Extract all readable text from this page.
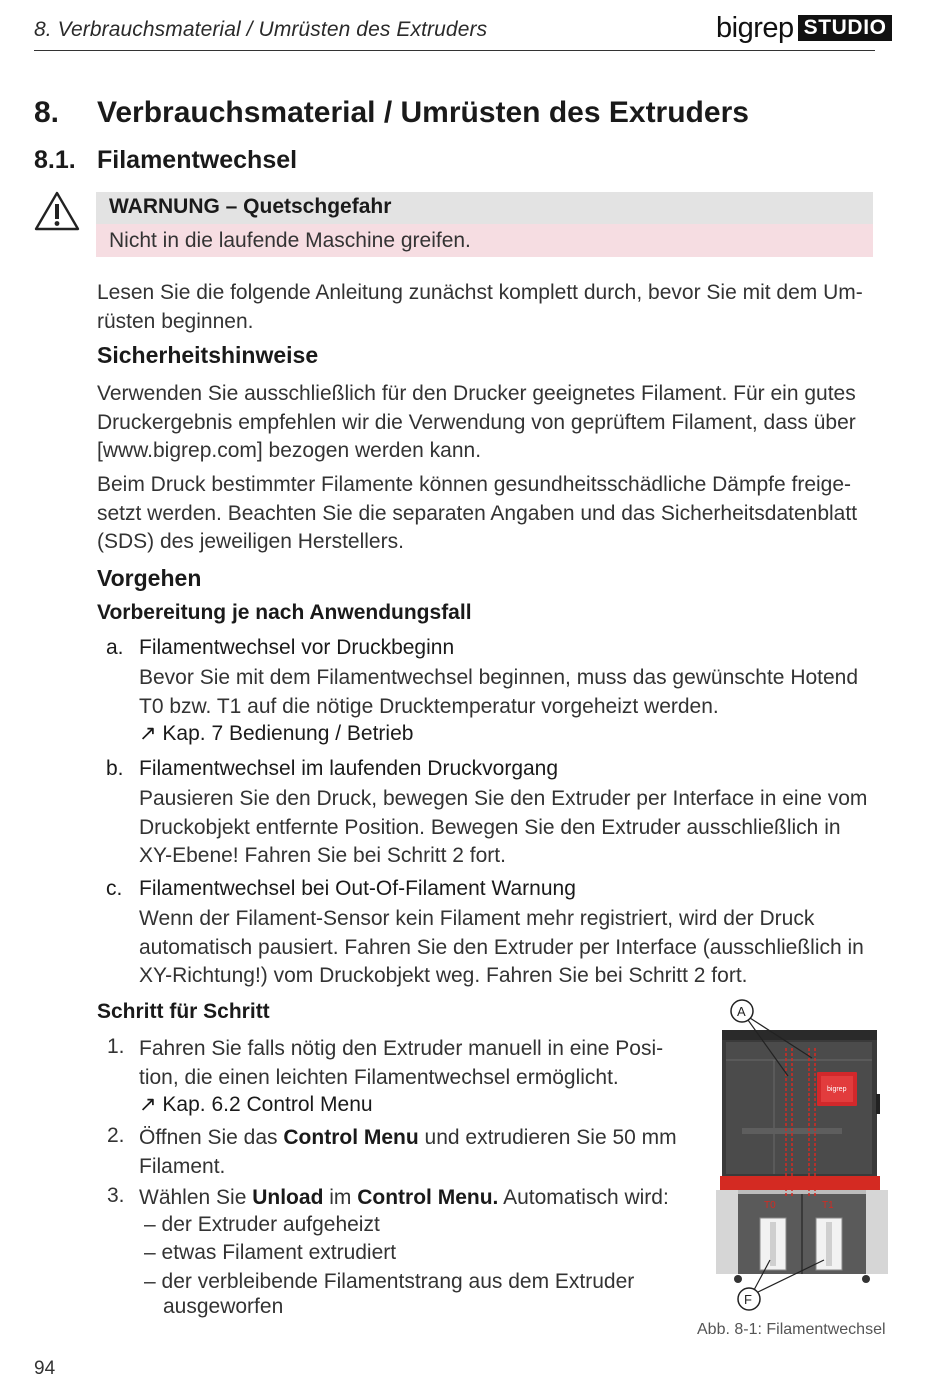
8. Verbrauchsmaterial / Umrüsten des Extruders	bigrep STUDIO
8. Verbrauchsmaterial / Umrüsten des Extruders
8.1. Filamentwechsel
WARNUNG – Quetschgefahr
Nicht in die laufende Maschine greifen.
Lesen Sie die folgende Anleitung zunächst komplett durch, bevor Sie mit dem Um-
rüsten beginnen.
Sicherheitshinweise
Verwenden Sie ausschließlich für den Drucker geeignetes Filament. Für ein gutes
Druckergebnis empfehlen wir die Verwendung von geprüftem Filament, dass über
[www.bigrep.com] bezogen werden kann.
Beim Druck bestimmter Filamente können gesundheitsschädliche Dämpfe freige-
setzt werden. Beachten Sie die separaten Angaben und das Sicherheitsdatenblatt
(SDS) des jeweiligen Herstellers.
Vorgehen
Vorbereitung je nach Anwendungsfall
a. Filamentwechsel vor Druckbeginn
Bevor Sie mit dem Filamentwechsel beginnen, muss das gewünschte Hotend
T0 bzw. T1 auf die nötige Drucktemperatur vorgeheizt werden.
↗ Kap. 7 Bedienung / Betrieb
b. Filamentwechsel im laufenden Druckvorgang
Pausieren Sie den Druck, bewegen Sie den Extruder per Interface in eine vom
Druckobjekt entfernte Position. Bewegen Sie den Extruder ausschließlich in
XY-Ebene! Fahren Sie bei Schritt 2 fort.
c. Filamentwechsel bei Out-Of-Filament Warnung
Wenn der Filament-Sensor kein Filament mehr registriert, wird der Druck
automatisch pausiert. Fahren Sie den Extruder per Interface (ausschließlich in
XY-Richtung!) vom Druckobjekt weg. Fahren Sie bei Schritt 2 fort.
Schritt für Schritt
1. Fahren Sie falls nötig den Extruder manuell in eine Posi-
tion, die einen leichten Filamentwechsel ermöglicht.
↗ Kap. 6.2 Control Menu
2. Öffnen Sie das Control Menu und extrudieren Sie 50 mm
Filament.
3. Wählen Sie Unload im Control Menu. Automatisch wird:
– der Extruder aufgeheizt
– etwas Filament extrudiert
– der verbleibende Filamentstrang aus dem Extruder
ausgeworfen
bigrep
T0	T1
A
F
Abb. 8-1: Filamentwechsel
94
